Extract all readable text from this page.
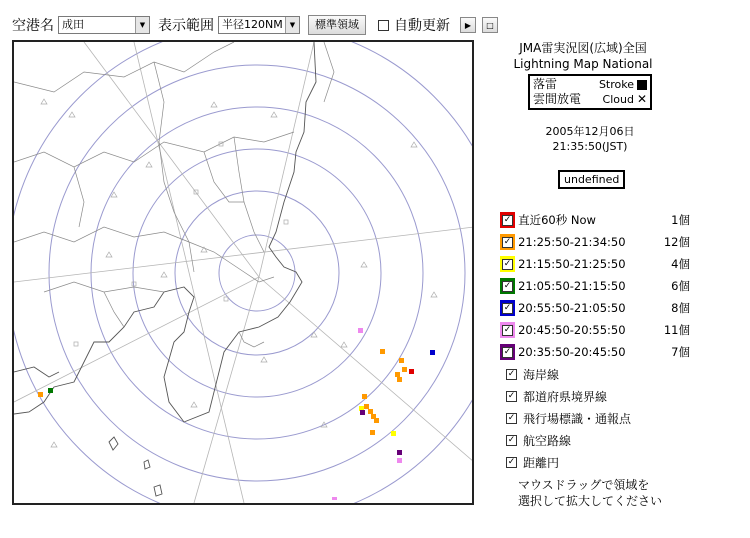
空港名 成田	▼ 表示範囲 半径120NM	▼	標準領域	自動更新 ▶ □
JMA雷実況図(広域)全国
Lightning Map National
落雷	Stroke
雲間放電 Cloud ✕
2005年12月06日
21:35:50(JST)
undefined
✓ 直近60秒 Now	1個
✓ 21:25:50-21:34:50	12個
✓ 21:15:50-21:25:50	4個
✓ 21:05:50-21:15:50	6個
✓ 20:55:50-21:05:50	8個
✓ 20:45:50-20:55:50	11個
✓ 20:35:50-20:45:50	7個
✓ 海岸線
✓ 都道府県境界線
✓ 飛行場標識・通報点
✓ 航空路線
✓ 距離円
マウスドラッグで領域を
選択して拡大してください
